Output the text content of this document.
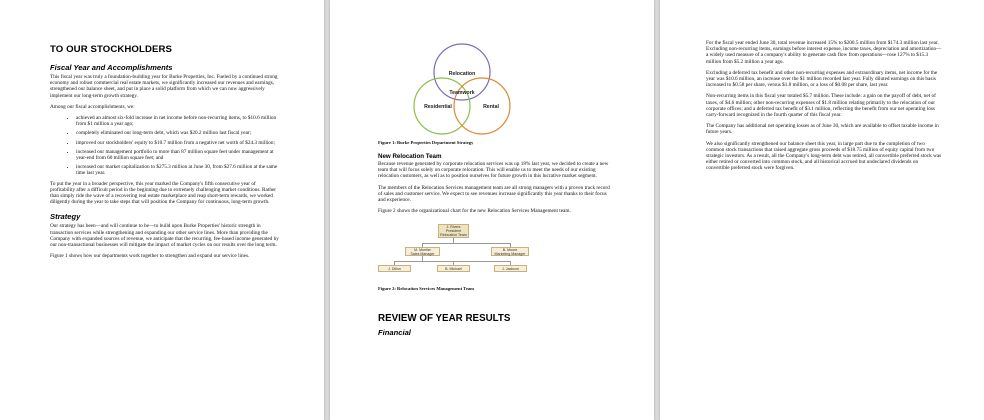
TO OUR STOCKHOLDERS
Fiscal Year and Accomplishments

This fiscal year was truly a foundation-building year for Burke Properties, Inc. Fueled by a continued strong economy and robust commercial real estate markets, we significantly increased our revenues and earnings, strengthened our balance sheet, and put in place a solid platform from which we can now aggressively implement our long-term growth strategy.

Among our fiscal accomplishments, we:

• achieved an almost six-fold increase in net income before non-recurring items, to $10.6 million from $1 million a year ago;
• completely eliminated our long-term debt, which was $20.2 million last fiscal year;
• improved our stockholders' equity to $10.7 million from a negative net worth of $24.3 million;
• increased our management portfolio to more than 87 million square feet under management at year-end from 60 million square feet; and
• increased our market capitalization to $275.3 million at June 30, from $27.6 million at the same time last year.

To put the year in a broader perspective, this year marked the Company's fifth consecutive year of profitability after a difficult period in the beginning due to extremely challenging market conditions. Rather than simply ride the wave of a recovering real estate marketplace and reap short-term rewards, we worked diligently during the year to take steps that will position the Company for continuous, long-term growth.

Strategy

Our strategy has been—and will continue to be—to build upon Burke Properties' historic strength in transaction services while strengthening and expanding our other service lines. More than providing the Company with expanded sources of revenue, we anticipate that the recurring, fee-based income generated by our non-transactional businesses will mitigate the impact of market cycles on our results over the long term.

Figure 1 shows how our departments work together to strengthen and expand our service lines.

Relocation
Teamwork
Residential	Rental
Figure 1: Burke Properties Department Strategy
New Relocation Team

Because revenue generated by corporate relocation services was up 18% last year, we decided to create a new team that will focus solely on corporate relocation. This will enable us to meet the needs of our existing relocation customers, as well as to position ourselves for future growth in this lucrative market segment.

The members of the Relocation Services management team are all strong managers with a proven track record of sales and customer service. We expect to see revenues increase significantly this year thanks to their focus and experience.

Figure 2 shows the organizational chart for the new Relocation Services Management team.

J. Rivers
President
Relocation Team
M. Mueller
Sales Manager
B. Moore
Marketing Manager
J. Dillon	B. Michael	J. Jackson
Figure 2: Relocation Services Management Team
REVIEW OF YEAR RESULTS
Financial

For the fiscal year ended June 30, total revenue increased 15% to $200.5 million from $174.3 million last year. Excluding non-recurring items, earnings before interest expense, income taxes, depreciation and amortization—a widely used measure of a company's ability to generate cash flow from operations—rose 127% to $15.3 million from $5.2 million a year ago.

Excluding a deferred tax benefit and other non-recurring expenses and extraordinary items, net income for the year was $10.6 million, an increase over the $1 million recorded last year. Fully diluted earnings on this basis increased to $0.58 per share, versus $1.8 million, or a loss of $0.08 per share, last year.

Non-recurring items in this fiscal year totaled $5.7 million. These include: a gain on the payoff of debt, net of taxes, of $4.6 million; other non-recurring expenses of $1.8 million relating primarily to the relocation of our corporate offices; and a deferred tax benefit of $3.1 million, reflecting the benefit from our net operating loss carry-forward recognized in the fourth quarter of this fiscal year.

The Company has additional net operating losses as of June 30, which are available to offset taxable income in future years.

We also significantly strengthened our balance sheet this year, in large part due to the completion of two common stock transactions that raised aggregate gross proceeds of $18.75 million of equity capital from two strategic investors. As a result, all the Company's long-term debt was retired, all convertible preferred stock was either retired or converted into common stock, and all historical accrued but undeclared dividends on convertible preferred stock were forgiven.
